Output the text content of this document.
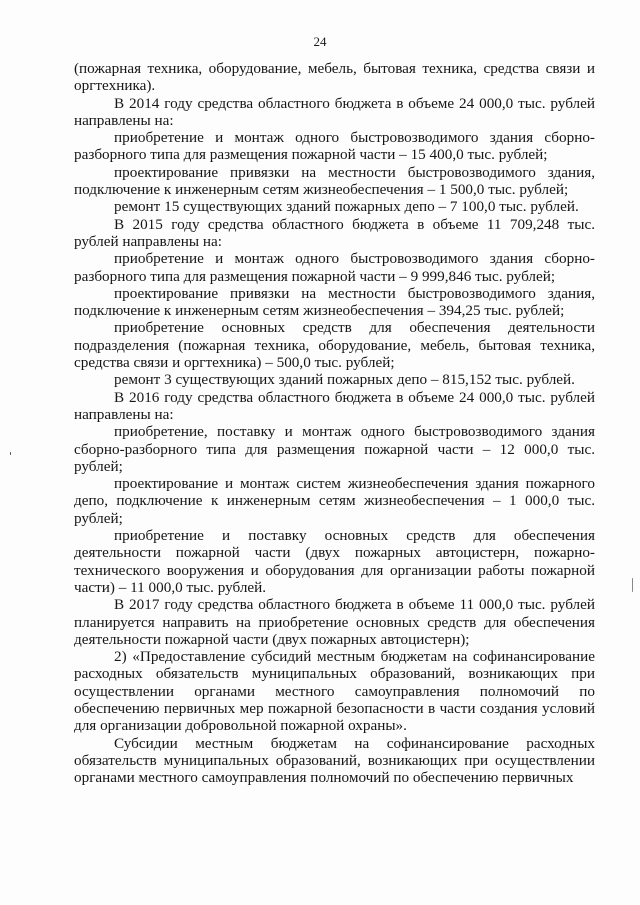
24

(пожарная техника, оборудование, мебель, бытовая техника, средства связи и оргтехника).

В 2014 году средства областного бюджета в объеме 24 000,0 тыс. рублей направлены на:

приобретение и монтаж одного быстровозводимого здания сборно-разборного типа для размещения пожарной части – 15 400,0 тыс. рублей;

проектирование привязки на местности быстровозводимого здания, подключение к инженерным сетям жизнеобеспечения – 1 500,0 тыс. рублей;

ремонт 15 существующих зданий пожарных депо – 7 100,0 тыс. рублей.

В 2015 году средства областного бюджета в объеме 11 709,248 тыс. рублей направлены на:

приобретение и монтаж одного быстровозводимого здания сборно-разборного типа для размещения пожарной части – 9 999,846 тыс. рублей;

проектирование привязки на местности быстровозводимого здания, подключение к инженерным сетям жизнеобеспечения – 394,25 тыс. рублей;

приобретение основных средств для обеспечения деятельности подразделения (пожарная техника, оборудование, мебель, бытовая техника, средства связи и оргтехника) – 500,0 тыс. рублей;

ремонт 3 существующих зданий пожарных депо – 815,152 тыс. рублей.

В 2016 году средства областного бюджета в объеме 24 000,0 тыс. рублей направлены на:

приобретение, поставку и монтаж одного быстровозводимого здания сборно-разборного типа для размещения пожарной части – 12 000,0 тыс. рублей;

проектирование и монтаж систем жизнеобеспечения здания пожарного депо, подключение к инженерным сетям жизнеобеспечения – 1 000,0 тыс. рублей;

приобретение и поставку основных средств для обеспечения деятельности пожарной части (двух пожарных автоцистерн, пожарно-технического вооружения и оборудования для организации работы пожарной части) – 11 000,0 тыс. рублей.

В 2017 году средства областного бюджета в объеме 11 000,0 тыс. рублей планируется направить на приобретение основных средств для обеспечения деятельности пожарной части (двух пожарных автоцистерн);

2) «Предоставление субсидий местным бюджетам на софинансирование расходных обязательств муниципальных образований, возникающих при осуществлении органами местного самоуправления полномочий по обеспечению первичных мер пожарной безопасности в части создания условий для организации добровольной пожарной охраны».

Субсидии местным бюджетам на софинансирование расходных обязательств муниципальных образований, возникающих при осуществлении органами местного самоуправления полномочий по обеспечению первичных
